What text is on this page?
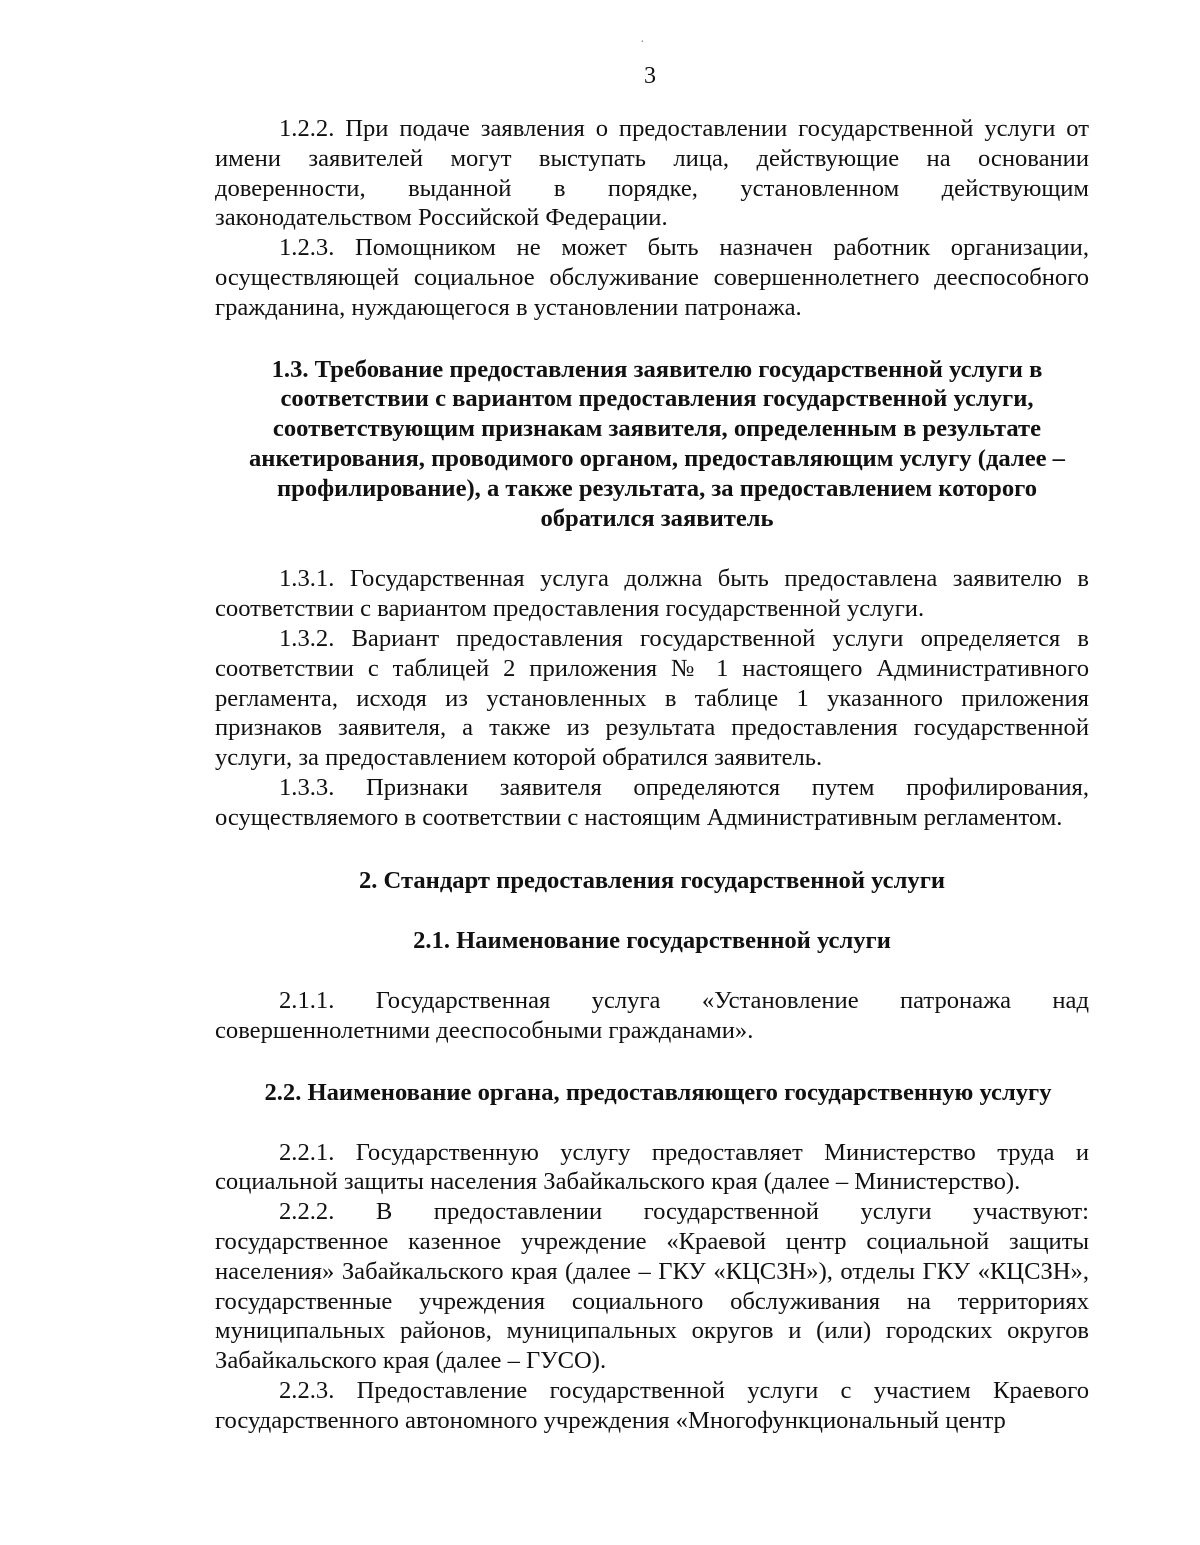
3

1.2.2. При подаче заявления о предоставлении государственной услуги от имени заявителей могут выступать лица, действующие на основании доверенности, выданной в порядке, установленном действующим законодательством Российской Федерации.

1.2.3. Помощником не может быть назначен работник организации, осуществляющей социальное обслуживание совершеннолетнего дееспособного гражданина, нуждающегося в установлении патронажа.

1.3. Требование предоставления заявителю государственной услуги в соответствии с вариантом предоставления государственной услуги, соответствующим признакам заявителя, определенным в результате анкетирования, проводимого органом, предоставляющим услугу (далее – профилирование), а также результата, за предоставлением которого обратился заявитель

1.3.1. Государственная услуга должна быть предоставлена заявителю в соответствии с вариантом предоставления государственной услуги.

1.3.2. Вариант предоставления государственной услуги определяется в соответствии с таблицей 2 приложения № 1 настоящего Административного регламента, исходя из установленных в таблице 1 указанного приложения признаков заявителя, а также из результата предоставления государственной услуги, за предоставлением которой обратился заявитель.

1.3.3. Признаки заявителя определяются путем профилирования, осуществляемого в соответствии с настоящим Административным регламентом.

2. Стандарт предоставления государственной услуги

2.1. Наименование государственной услуги

2.1.1. Государственная услуга «Установление патронажа над совершеннолетними дееспособными гражданами».

2.2. Наименование органа, предоставляющего государственную услугу

2.2.1. Государственную услугу предоставляет Министерство труда и социальной защиты населения Забайкальского края (далее – Министерство).

2.2.2. В предоставлении государственной услуги участвуют: государственное казенное учреждение «Краевой центр социальной защиты населения» Забайкальского края (далее – ГКУ «КЦСЗН»), отделы ГКУ «КЦСЗН», государственные учреждения социального обслуживания на территориях муниципальных районов, муниципальных округов и (или) городских округов Забайкальского края (далее – ГУСО).

2.2.3. Предоставление государственной услуги с участием Краевого государственного автономного учреждения «Многофункциональный центр

·
